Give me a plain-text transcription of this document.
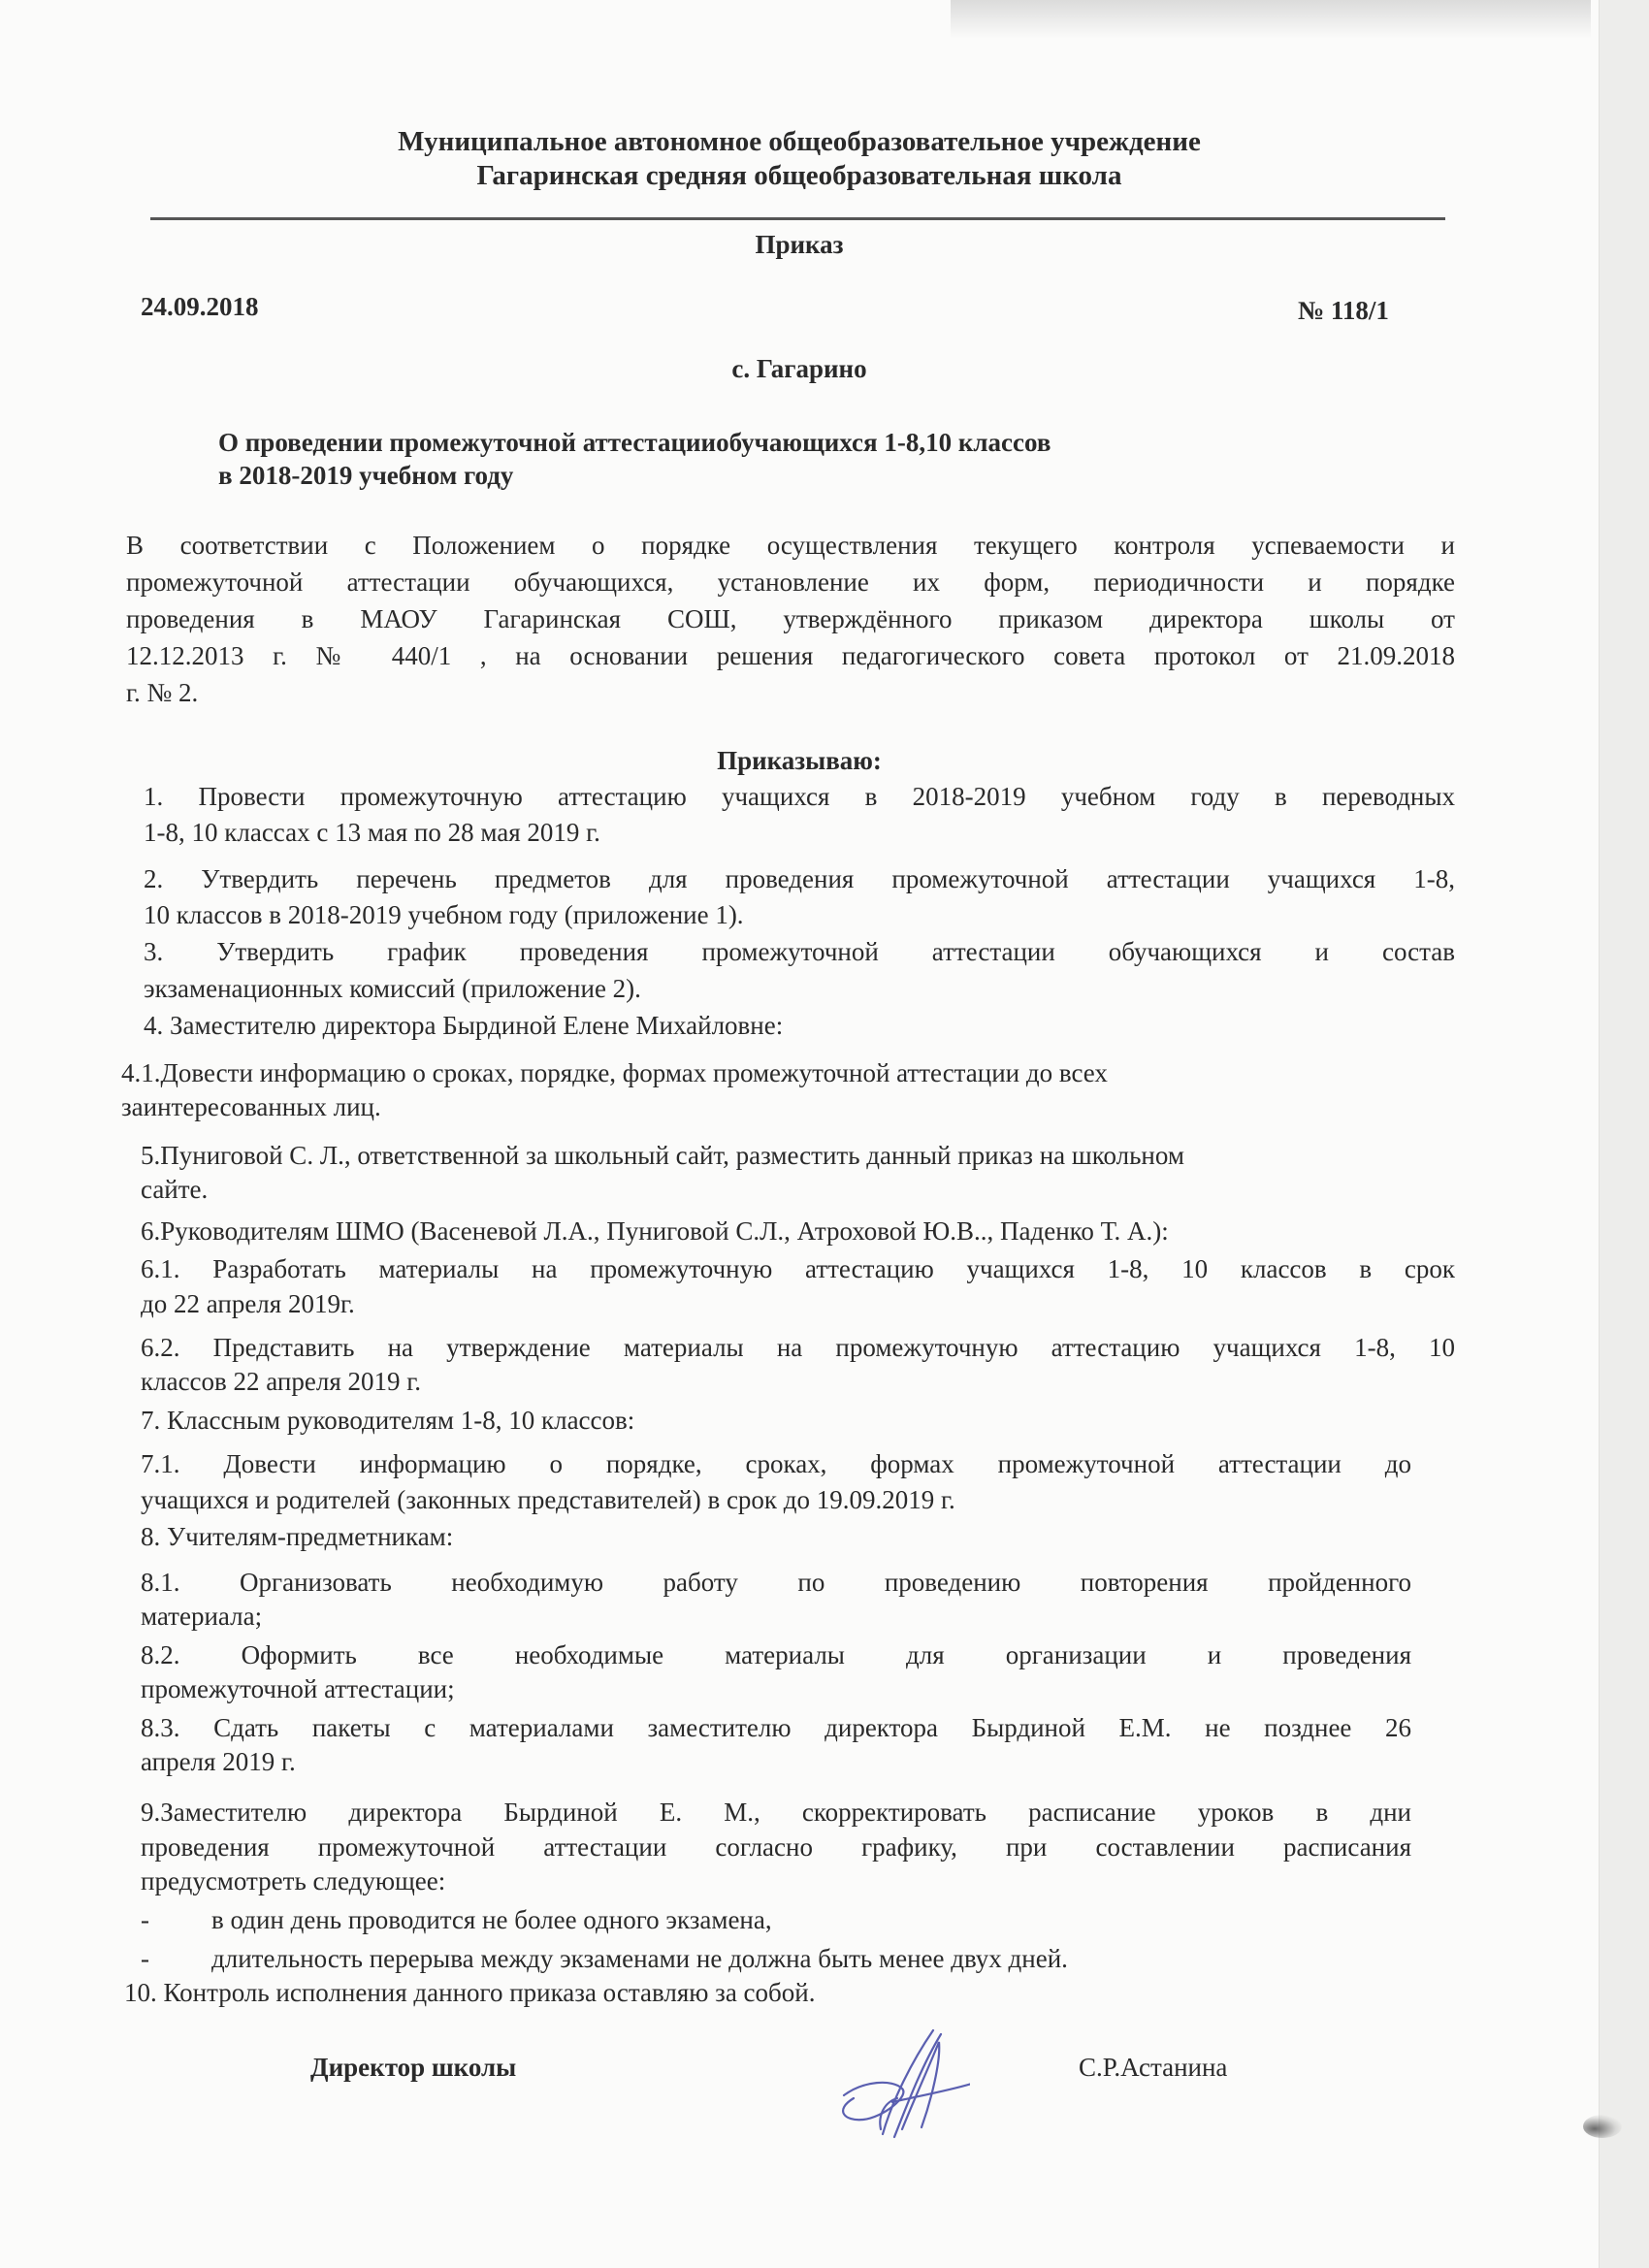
Муниципальное автономное общеобразовательное учреждение
Гагаринская средняя общеобразовательная школа
Приказ
24.09.2018	№ 118/1
с. Гагарино
О проведении промежуточной аттестацииобучающихся 1-8,10 классов
в 2018-2019 учебном году
В соответствии с Положением о порядке осуществления текущего контроля успеваемости и
промежуточной аттестации обучающихся, установление их форм, периодичности и порядке
проведения в МАОУ Гагаринская СОШ, утверждённого приказом директора школы от
12.12.2013 г. № 440/1 , на основании решения педагогического совета протокол от 21.09.2018
г. № 2.
Приказываю:
1. Провести промежуточную аттестацию учащихся в 2018-2019 учебном году в переводных
1-8, 10 классах с 13 мая по 28 мая 2019 г.
2. Утвердить перечень предметов для проведения промежуточной аттестации учащихся 1-8,
10 классов в 2018-2019 учебном году (приложение 1).
3. Утвердить график проведения промежуточной аттестации обучающихся и состав
экзаменационных комиссий (приложение 2).
4. Заместителю директора Бырдиной Елене Михайловне:
4.1.Довести информацию о сроках, порядке, формах промежуточной аттестации до всех
заинтересованных лиц.
5.Пуниговой С. Л., ответственной за школьный сайт, разместить данный приказ на школьном
сайте.
6.Руководителям ШМО (Васеневой Л.А., Пуниговой С.Л., Атроховой Ю.В.., Паденко Т. А.):
6.1. Разработать материалы на промежуточную аттестацию учащихся 1-8, 10 классов в срок
до 22 апреля 2019г.
6.2. Представить на утверждение материалы на промежуточную аттестацию учащихся 1-8, 10
классов 22 апреля 2019 г.
7. Классным руководителям 1-8, 10 классов:
7.1. Довести информацию о порядке, сроках, формах промежуточной аттестации до
учащихся и родителей (законных представителей) в срок до 19.09.2019 г.
8. Учителям-предметникам:
8.1. Организовать необходимую работу по проведению повторения пройденного
материала;
8.2. Оформить все необходимые материалы для организации и проведения
промежуточной аттестации;
8.3. Сдать пакеты с материалами заместителю директора Бырдиной Е.М. не позднее 26
апреля 2019 г.
9.Заместителю директора Бырдиной Е. М., скорректировать расписание уроков в дни
проведения промежуточной аттестации согласно графику, при составлении расписания
предусмотреть следующее:
- в один день проводится не более одного экзамена,
- длительность перерыва между экзаменами не должна быть менее двух дней.
10. Контроль исполнения данного приказа оставляю за собой.
Директор школы	С.Р.Астанина
